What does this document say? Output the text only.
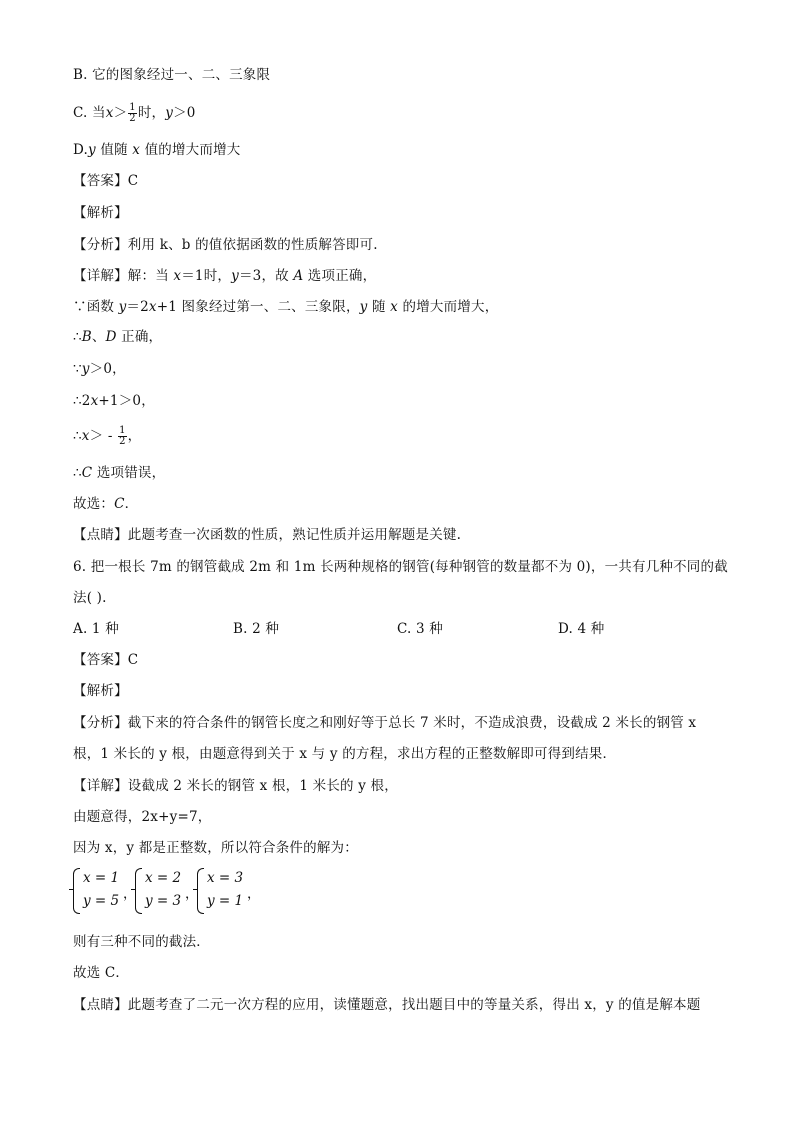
B. 它的图象经过一、二、三象限
C. 当$x> \frac{1}{2}$ 时，y＞0
D.y 值随 x 值的增大而增大
【答案】C
【解析】
【分析】利用 k、b 的值依据函数的性质解答即可.
【详解】解：当 x＝1时，y＝3，故 A 选项正确，
∵函数 y＝2x+1 图象经过第一、二、三象限，y 随 x 的增大而增大，
∴B、D 正确，
∵y＞0，
∴2x+1＞0，
∴x＞ - $\frac{1}{2}$ ，
∴C 选项错误，
故选：C．
【点睛】此题考查一次函数的性质，熟记性质并运用解题是关键.
6. 把一根长 7m 的钢管截成 2m 和 1m 长两种规格的钢管(每种钢管的数量都不为 0)，一共有几种不同的截
法( ).
A. 1 种	B. 2 种	C. 3 种	D. 4 种
【答案】C
【解析】
【分析】截下来的符合条件的钢管长度之和刚好等于总长 7 米时，不造成浪费，设截成 2 米长的钢管 x
根，1 米长的 y 根，由题意得到关于 x 与 y 的方程，求出方程的正整数解即可得到结果．
【详解】设截成 2 米长的钢管 x 根，1 米长的 y 根，
由题意得，2x+y=7，
因为 x，y 都是正整数，所以符合条件的解为：
x = 1
y = 5 ，
x = 2
y = 3 ，
x = 3
y = 1 ，
则有三种不同的截法．
故选 C．
【点睛】此题考查了二元一次方程的应用，读懂题意，找出题目中的等量关系，得出 x，y 的值是解本题
